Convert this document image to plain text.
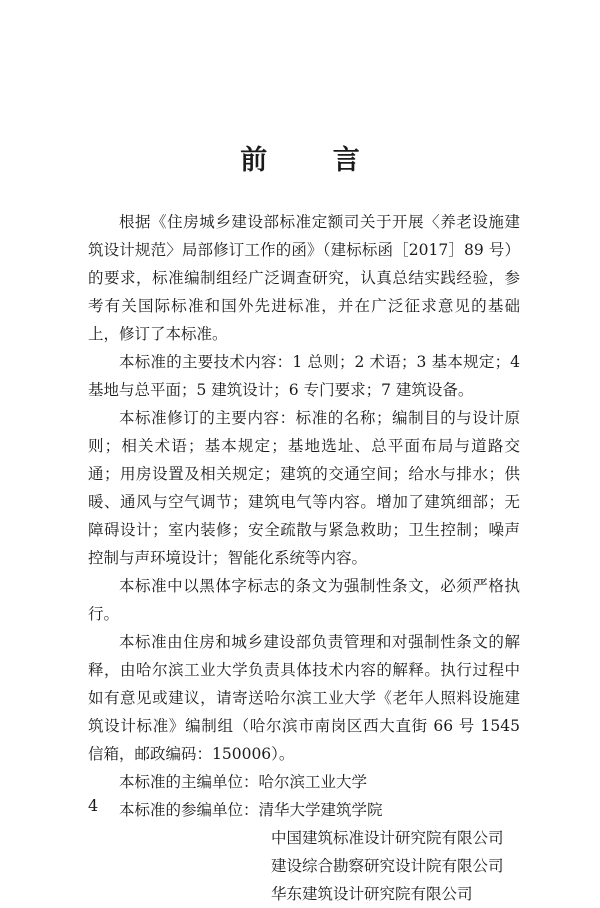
前 言

根据《住房城乡建设部标准定额司关于开展〈养老设施建筑设计规范〉局部修订工作的函》（建标标函［2017］89 号）的要求，标准编制组经广泛调查研究，认真总结实践经验，参考有关国际标准和国外先进标准，并在广泛征求意见的基础上，修订了本标准。

本标准的主要技术内容：1 总则；2 术语；3 基本规定；4 基地与总平面；5 建筑设计；6 专门要求；7 建筑设备。

本标准修订的主要内容：标准的名称；编制目的与设计原则；相关术语；基本规定；基地选址、总平面布局与道路交通；用房设置及相关规定；建筑的交通空间；给水与排水；供暖、通风与空气调节；建筑电气等内容。增加了建筑细部；无障碍设计；室内装修；安全疏散与紧急救助；卫生控制；噪声控制与声环境设计；智能化系统等内容。

本标准中以黑体字标志的条文为强制性条文，必须严格执行。

本标准由住房和城乡建设部负责管理和对强制性条文的解释，由哈尔滨工业大学负责具体技术内容的解释。执行过程中如有意见或建议，请寄送哈尔滨工业大学《老年人照料设施建筑设计标准》编制组（哈尔滨市南岗区西大直街 66 号 1545 信箱，邮政编码：150006）。

本标准的主编单位：哈尔滨工业大学

本标准的参编单位：清华大学建筑学院

中国建筑标准设计研究院有限公司
建设综合勘察研究设计院有限公司
华东建筑设计研究院有限公司
4
